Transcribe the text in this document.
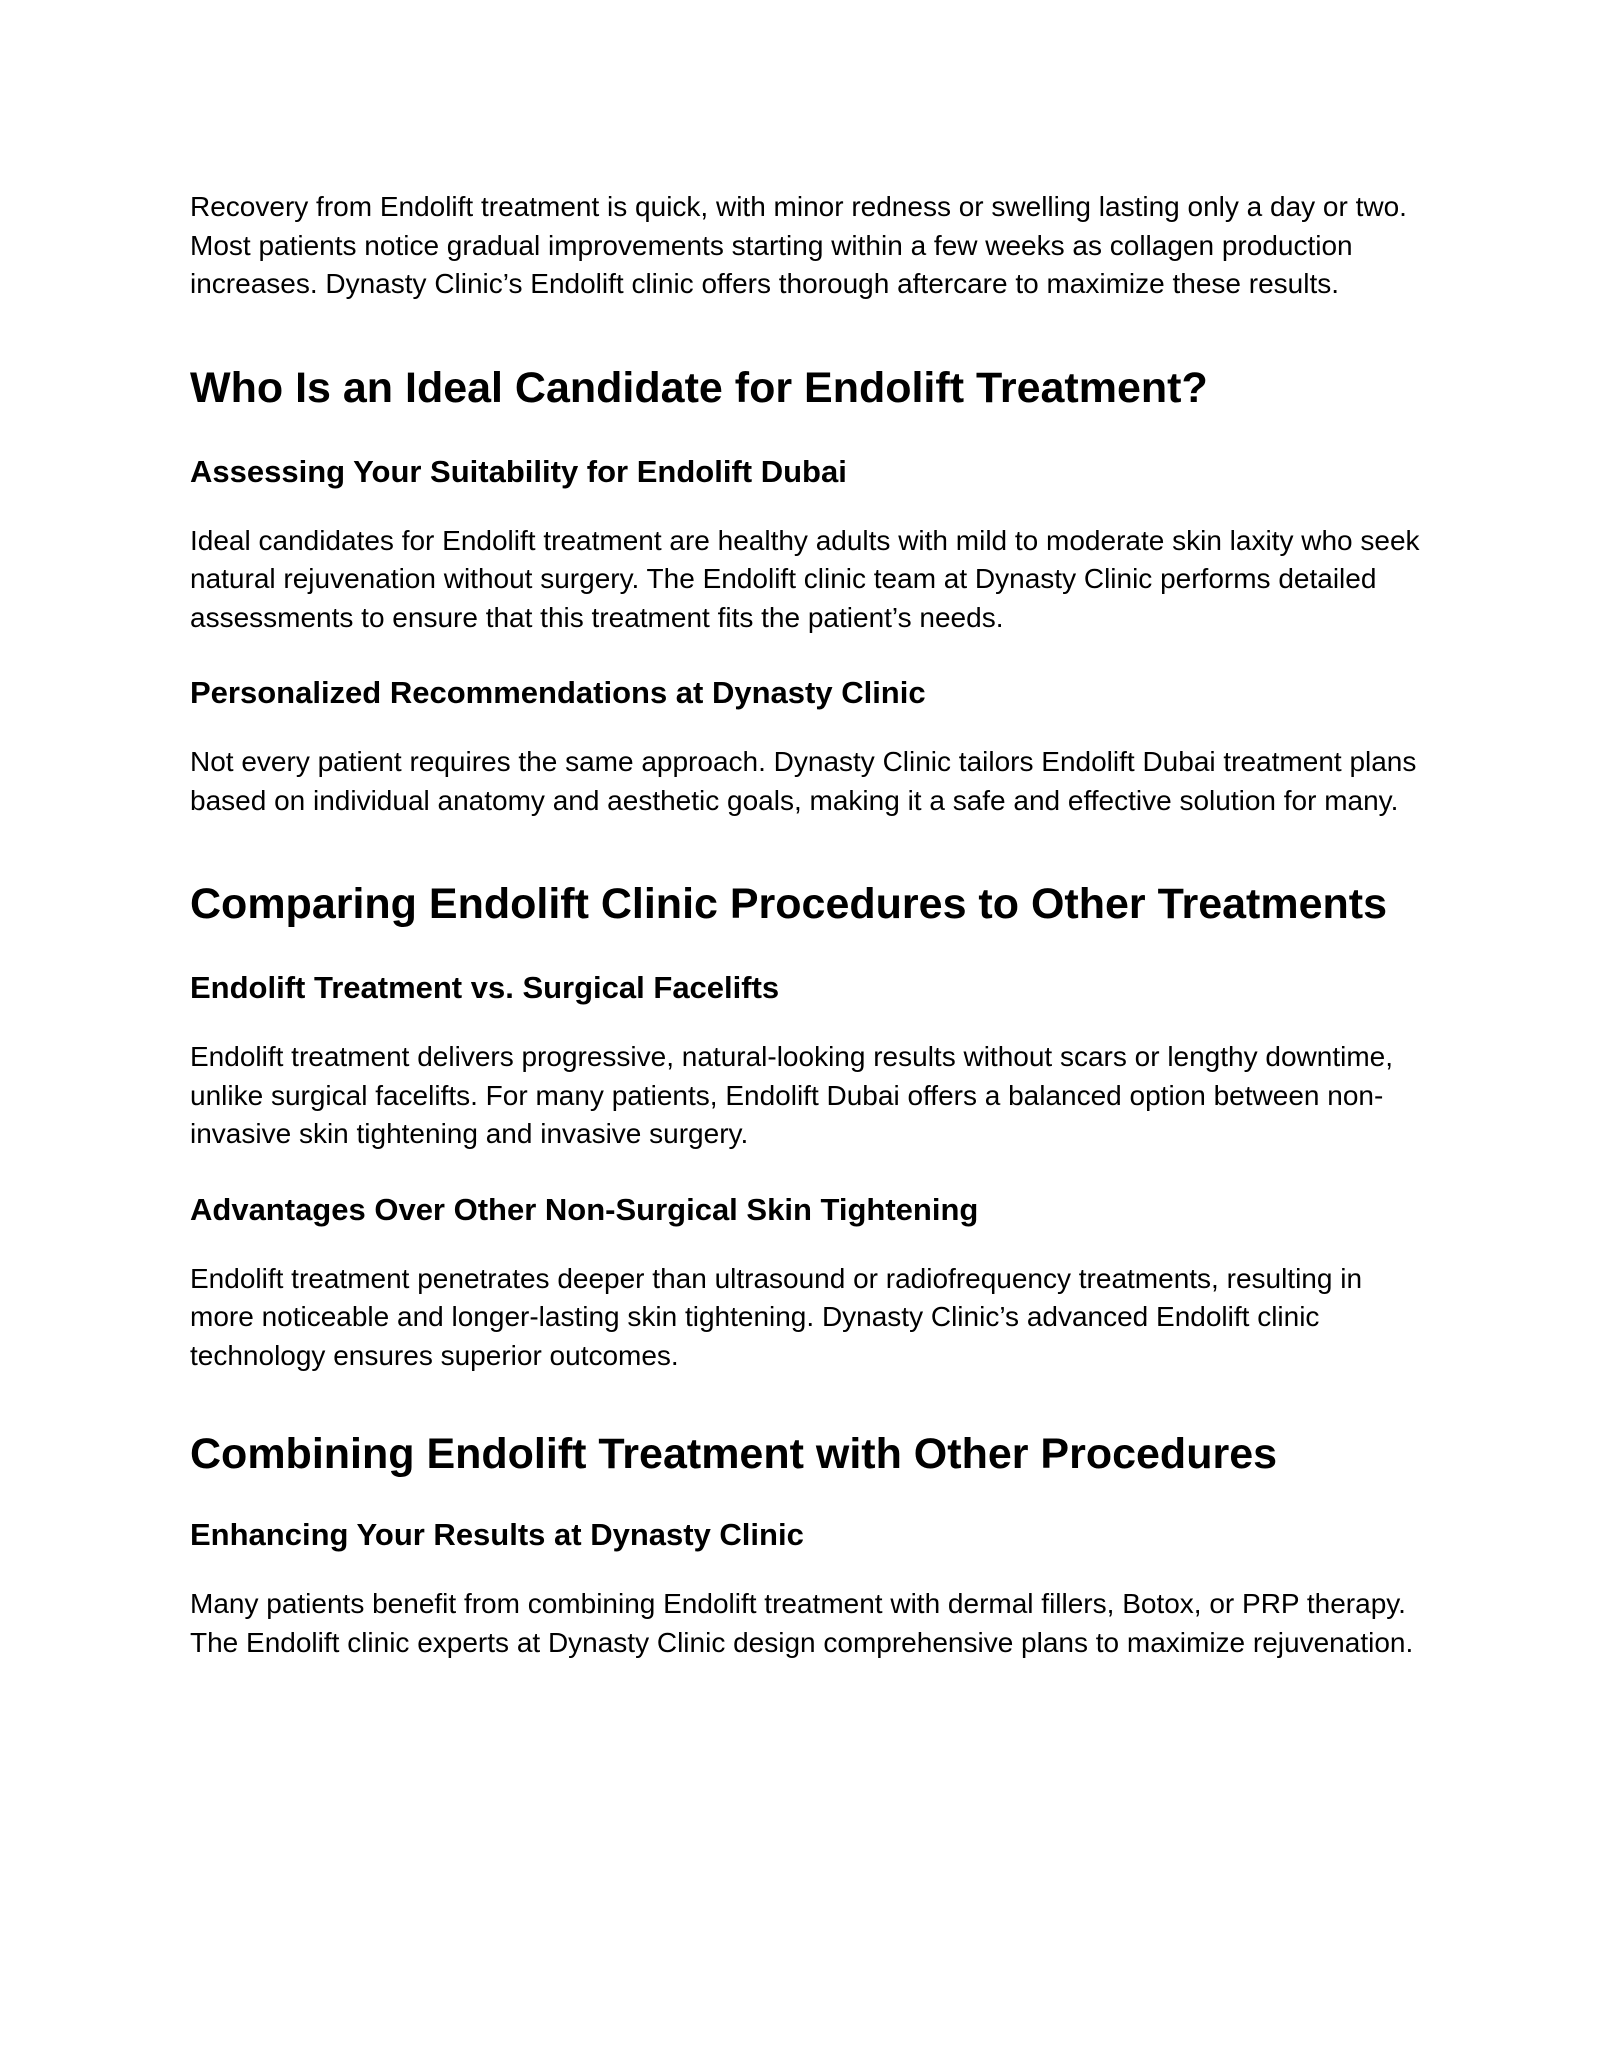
Recovery from Endolift treatment is quick, with minor redness or swelling lasting only a day or two. Most patients notice gradual improvements starting within a few weeks as collagen production increases. Dynasty Clinic’s Endolift clinic offers thorough aftercare to maximize these results.

Who Is an Ideal Candidate for Endolift Treatment?
Assessing Your Suitability for Endolift Dubai

Ideal candidates for Endolift treatment are healthy adults with mild to moderate skin laxity who seek natural rejuvenation without surgery. The Endolift clinic team at Dynasty Clinic performs detailed assessments to ensure that this treatment fits the patient’s needs.

Personalized Recommendations at Dynasty Clinic

Not every patient requires the same approach. Dynasty Clinic tailors Endolift Dubai treatment plans based on individual anatomy and aesthetic goals, making it a safe and effective solution for many.

Comparing Endolift Clinic Procedures to Other Treatments
Endolift Treatment vs. Surgical Facelifts

Endolift treatment delivers progressive, natural-looking results without scars or lengthy downtime, unlike surgical facelifts. For many patients, Endolift Dubai offers a balanced option between non-invasive skin tightening and invasive surgery.

Advantages Over Other Non-Surgical Skin Tightening

Endolift treatment penetrates deeper than ultrasound or radiofrequency treatments, resulting in more noticeable and longer-lasting skin tightening. Dynasty Clinic’s advanced Endolift clinic technology ensures superior outcomes.

Combining Endolift Treatment with Other Procedures
Enhancing Your Results at Dynasty Clinic

Many patients benefit from combining Endolift treatment with dermal fillers, Botox, or PRP therapy. The Endolift clinic experts at Dynasty Clinic design comprehensive plans to maximize rejuvenation.
